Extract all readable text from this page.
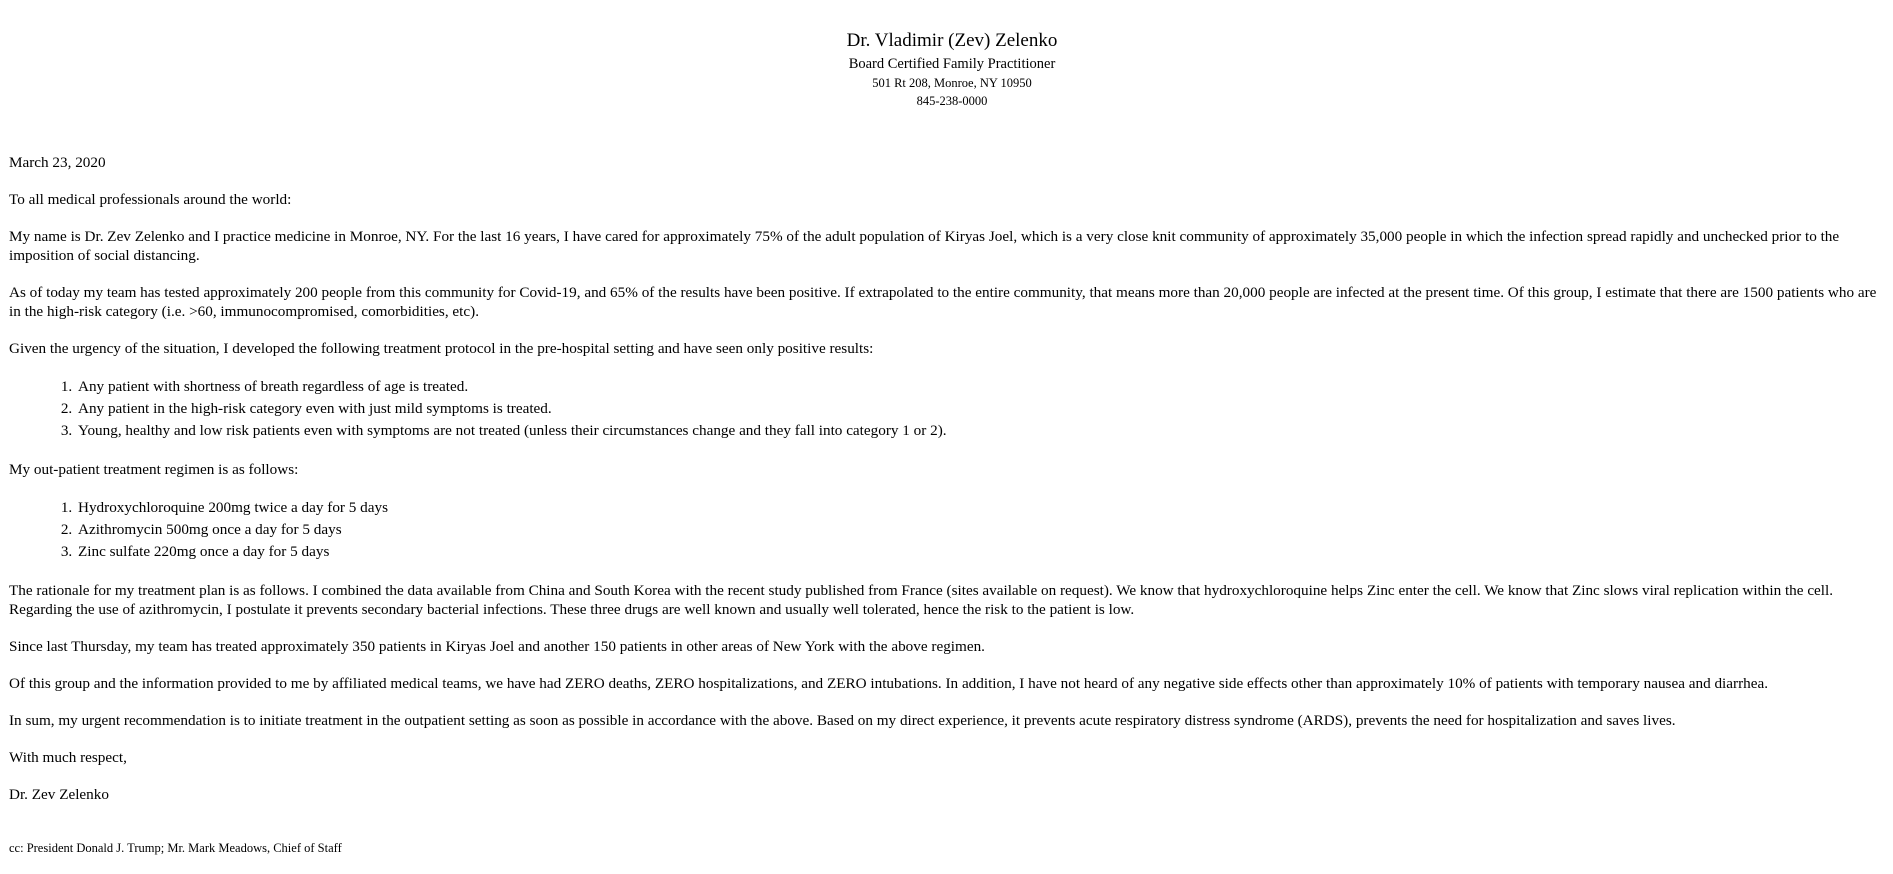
Dr. Vladimir (Zev) Zelenko
Board Certified Family Practitioner
501 Rt 208, Monroe, NY 10950
845-238-0000

March 23, 2020

To all medical professionals around the world:

My name is Dr. Zev Zelenko and I practice medicine in Monroe, NY. For the last 16 years, I have cared for approximately 75% of the adult population of Kiryas Joel, which is a very close knit community of approximately 35,000 people in which the infection spread rapidly and unchecked prior to the imposition of social distancing.

As of today my team has tested approximately 200 people from this community for Covid-19, and 65% of the results have been positive. If extrapolated to the entire community, that means more than 20,000 people are infected at the present time. Of this group, I estimate that there are 1500 patients who are in the high-risk category (i.e. >60, immunocompromised, comorbidities, etc).

Given the urgency of the situation, I developed the following treatment protocol in the pre-hospital setting and have seen only positive results:

1. Any patient with shortness of breath regardless of age is treated.
2. Any patient in the high-risk category even with just mild symptoms is treated.
3. Young, healthy and low risk patients even with symptoms are not treated (unless their circumstances change and they fall into category 1 or 2).

My out-patient treatment regimen is as follows:

1. Hydroxychloroquine 200mg twice a day for 5 days
2. Azithromycin 500mg once a day for 5 days
3. Zinc sulfate 220mg once a day for 5 days

The rationale for my treatment plan is as follows. I combined the data available from China and South Korea with the recent study published from France (sites available on request). We know that hydroxychloroquine helps Zinc enter the cell. We know that Zinc slows viral replication within the cell. Regarding the use of azithromycin, I postulate it prevents secondary bacterial infections. These three drugs are well known and usually well tolerated, hence the risk to the patient is low.

Since last Thursday, my team has treated approximately 350 patients in Kiryas Joel and another 150 patients in other areas of New York with the above regimen.

Of this group and the information provided to me by affiliated medical teams, we have had ZERO deaths, ZERO hospitalizations, and ZERO intubations. In addition, I have not heard of any negative side effects other than approximately 10% of patients with temporary nausea and diarrhea.

In sum, my urgent recommendation is to initiate treatment in the outpatient setting as soon as possible in accordance with the above. Based on my direct experience, it prevents acute respiratory distress syndrome (ARDS), prevents the need for hospitalization and saves lives.

With much respect,

Dr. Zev Zelenko

cc: President Donald J. Trump; Mr. Mark Meadows, Chief of Staff
